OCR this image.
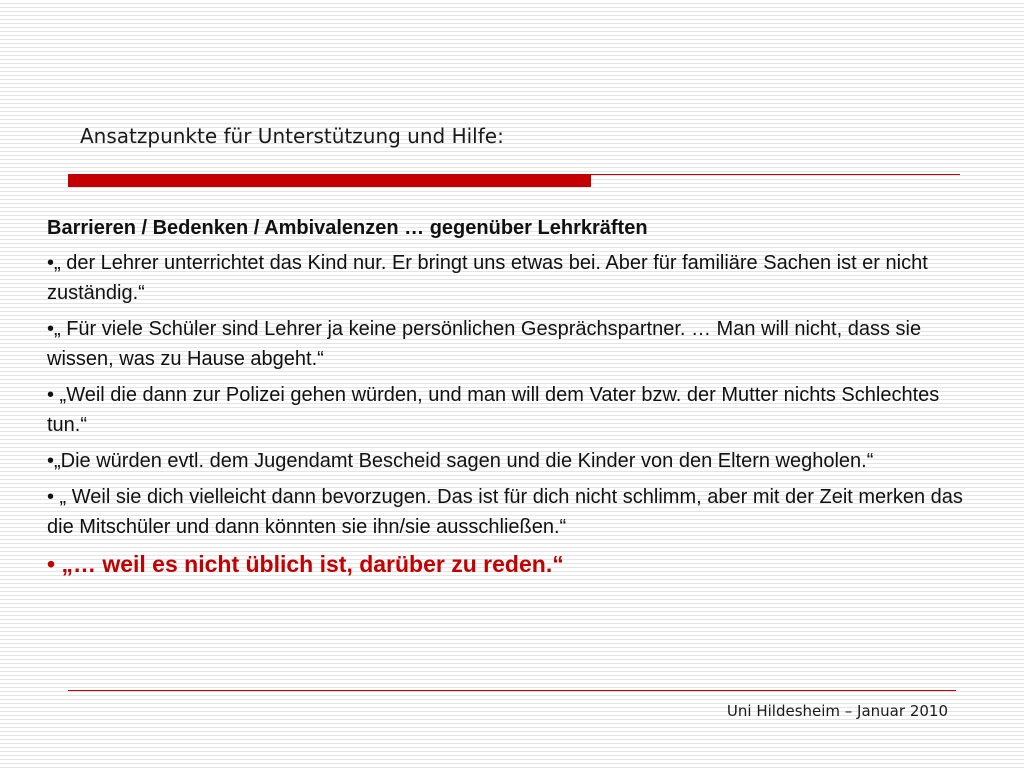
Ansatzpunkte für Unterstützung und Hilfe:
Barrieren / Bedenken / Ambivalenzen … gegenüber Lehrkräften
•„ der Lehrer unterrichtet das Kind nur. Er bringt uns etwas bei. Aber für familiäre Sachen ist er nicht zuständig.“
•„ Für viele Schüler sind Lehrer ja keine persönlichen Gesprächspartner. … Man will nicht, dass sie wissen, was zu Hause abgeht.“
• „Weil die dann zur Polizei gehen würden, und man will dem Vater bzw. der Mutter nichts Schlechtes tun.“
•„Die würden evtl. dem Jugendamt Bescheid sagen und die Kinder von den Eltern wegholen.“
• „ Weil sie dich vielleicht dann bevorzugen. Das ist für dich nicht schlimm, aber mit der Zeit merken das die Mitschüler und dann könnten sie ihn/sie ausschließen.“
• „… weil es nicht üblich ist, darüber zu reden.“
Uni Hildesheim – Januar 2010
